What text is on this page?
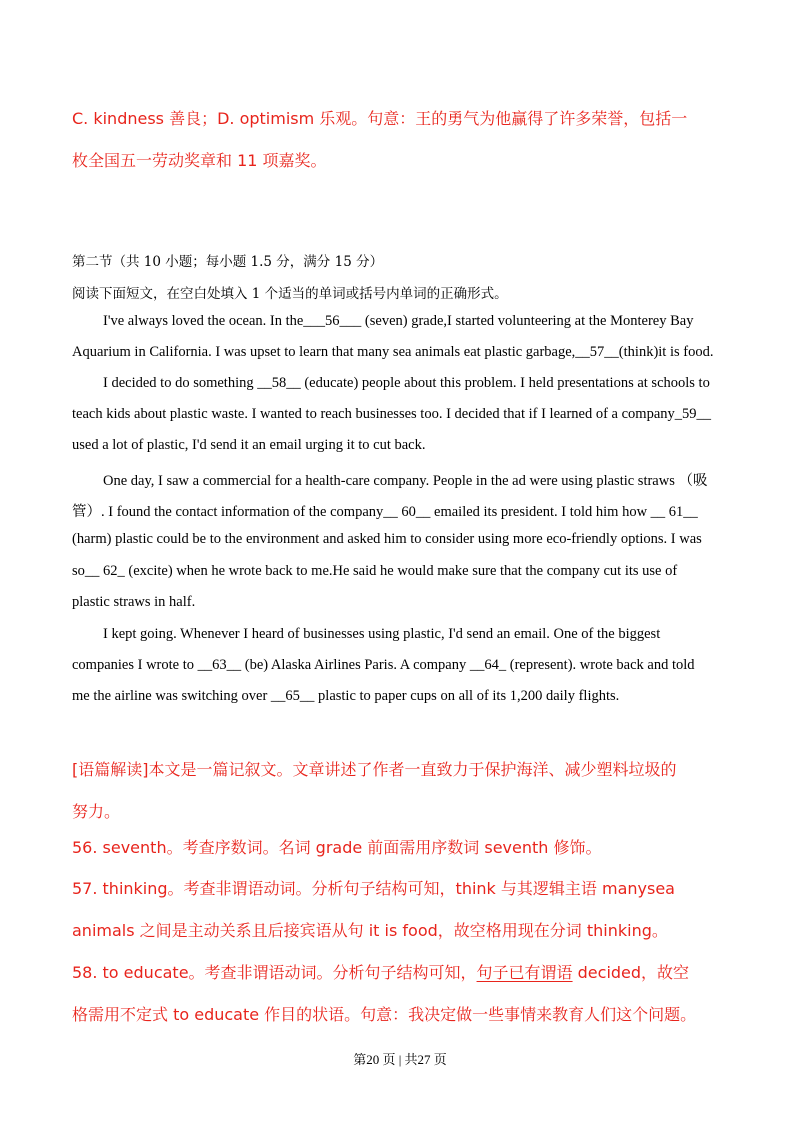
C. kindness 善良；D. optimism 乐观。句意：王的勇气为他赢得了许多荣誉，包括一
枚全国五一劳动奖章和 11 项嘉奖。
第二节（共 10 小题；每小题 1.5 分，满分 15 分）
阅读下面短文，在空白处填入 1 个适当的单词或括号内单词的正确形式。
I've always loved the ocean. In the___56___ (seven) grade,I started volunteering at the Monterey Bay
Aquarium in California. I was upset to learn that many sea animals eat plastic garbage,__57__(think)it is food.
I decided to do something __58__ (educate) people about this problem. I held presentations at schools to
teach kids about plastic waste. I wanted to reach businesses too. I decided that if I learned of a company_59__
used a lot of plastic, I'd send it an email urging it to cut back.
One day, I saw a commercial for a health-care company. People in the ad were using plastic straws （吸
管）. I found the contact information of the company__ 60__ emailed its president. I told him how __ 61__
(harm) plastic could be to the environment and asked him to consider using more eco-friendly options. I was
so__ 62_ (excite) when he wrote back to me.He said he would make sure that the company cut its use of
plastic straws in half.
I kept going. Whenever I heard of businesses using plastic, I'd send an email. One of the biggest
companies I wrote to __63__ (be) Alaska Airlines Paris. A company __64_ (represent). wrote back and told
me the airline was switching over __65__ plastic to paper cups on all of its 1,200 daily flights.
[语篇解读]本文是一篇记叙文。文章讲述了作者一直致力于保护海洋、减少塑料垃圾的
努力。
56. seventh。考查序数词。名词 grade 前面需用序数词 seventh 修饰。
57. thinking。考查非谓语动词。分析句子结构可知，think 与其逻辑主语 manysea
animals 之间是主动关系且后接宾语从句 it is food，故空格用现在分词 thinking。
58. to educate。考查非谓语动词。分析句子结构可知，句子已有谓语 decided，故空
格需用不定式 to educate 作目的状语。句意：我决定做一些事情来教育人们这个问题。
第20 页 | 共27 页
